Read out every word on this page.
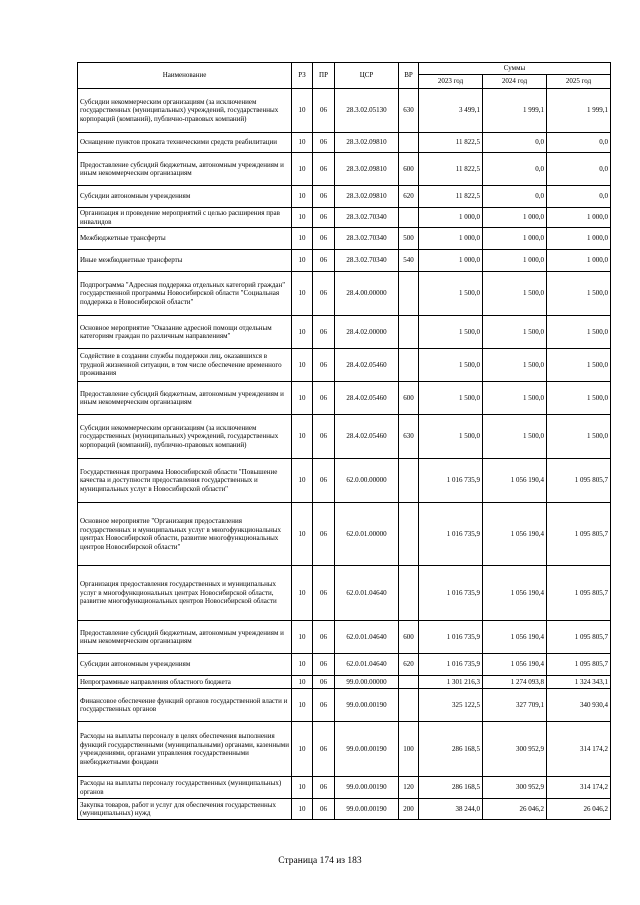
Наименование	РЗ	ПР	ЦСР	ВР	Суммы		
					2023 год	2024 год	2025 год
Субсидии некоммерческим организациям (за исключением государственных (муниципальных) учреждений, государственных корпораций (компаний), публично-правовых компаний)	10	06	28.3.02.05130	630	3 499,1	1 999,1	1 999,1
Оснащение пунктов проката техническими средств реабилитации	10	06	28.3.02.09810		11 822,5	0,0	0,0
Предоставление субсидий бюджетным, автономным учреждениям и иным некоммерческим организациям	10	06	28.3.02.09810	600	11 822,5	0,0	0,0
Субсидии автономным учреждениям	10	06	28.3.02.09810	620	11 822,5	0,0	0,0
Организация и проведение мероприятий с целью расширения прав инвалидов	10	06	28.3.02.70340		1 000,0	1 000,0	1 000,0
Межбюджетные трансферты	10	06	28.3.02.70340	500	1 000,0	1 000,0	1 000,0
Иные межбюджетные трансферты	10	06	28.3.02.70340	540	1 000,0	1 000,0	1 000,0
Подпрограмма "Адресная поддержка отдельных категорий граждан" государственной программы Новосибирской области "Социальная поддержка в Новосибирской области"	10	06	28.4.00.00000		1 500,0	1 500,0	1 500,0
Основное мероприятие "Оказание адресной помощи отдельным категориям граждан по различным направлениям"	10	06	28.4.02.00000		1 500,0	1 500,0	1 500,0
Содействие в создании службы поддержки лиц, оказавшихся в трудной жизненной ситуации, в том числе обеспечение временного проживания	10	06	28.4.02.05460		1 500,0	1 500,0	1 500,0
Предоставление субсидий бюджетным, автономным учреждениям и иным некоммерческим организациям	10	06	28.4.02.05460	600	1 500,0	1 500,0	1 500,0
Субсидии некоммерческим организациям (за исключением государственных (муниципальных) учреждений, государственных корпораций (компаний), публично-правовых компаний)	10	06	28.4.02.05460	630	1 500,0	1 500,0	1 500,0
Государственная программа Новосибирской области "Повышение качества и доступности предоставления государственных и муниципальных услуг в Новосибирской области"	10	06	62.0.00.00000		1 016 735,9	1 056 190,4	1 095 805,7
Основное мероприятие "Организация предоставления государственных и муниципальных услуг в многофункциональных центрах Новосибирской области, развитие многофункциональных центров Новосибирской области"	10	06	62.0.01.00000		1 016 735,9	1 056 190,4	1 095 805,7
Организация предоставления государственных и муниципальных услуг в многофункциональных центрах Новосибирской области, развитие многофункциональных центров Новосибирской области	10	06	62.0.01.04640		1 016 735,9	1 056 190,4	1 095 805,7
Предоставление субсидий бюджетным, автономным учреждениям и иным некоммерческим организациям	10	06	62.0.01.04640	600	1 016 735,9	1 056 190,4	1 095 805,7
Субсидии автономным учреждениям	10	06	62.0.01.04640	620	1 016 735,9	1 056 190,4	1 095 805,7
Непрограммные направления областного бюджета	10	06	99.0.00.00000		1 301 216,3	1 274 093,8	1 324 343,1
Финансовое обеспечение функций органов государственной власти и государственных органов	10	06	99.0.00.00190		325 122,5	327 709,1	340 930,4
Расходы на выплаты персоналу в целях обеспечения выполнения функций государственными (муниципальными) органами, казенными учреждениями, органами управления государственными внебюджетными фондами	10	06	99.0.00.00190	100	286 168,5	300 952,9	314 174,2
Расходы на выплаты персоналу государственных (муниципальных) органов	10	06	99.0.00.00190	120	286 168,5	300 952,9	314 174,2
Закупка товаров, работ и услуг для обеспечения государственных (муниципальных) нужд	10	06	99.0.00.00190	200	38 244,0	26 046,2	26 046,2
Страница 174 из 183
